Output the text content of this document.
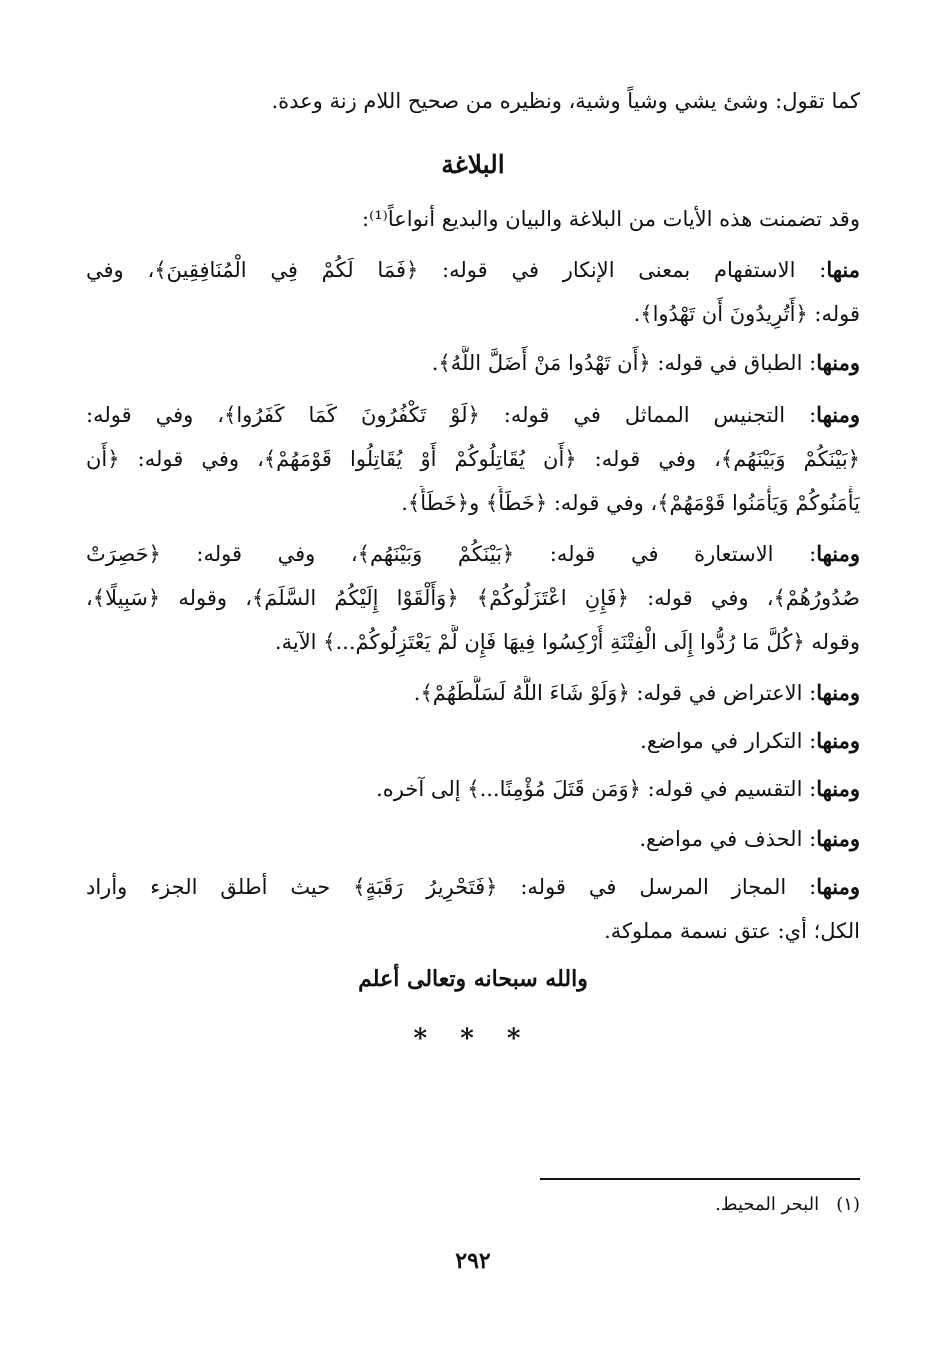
كما تقول: وشئ يشي وشياً وشية، ونظيره من صحيح اللام زنة وعدة.
البلاغة
وقد تضمنت هذه الأيات من البلاغة والبيان والبديع أنواعاً⁽¹⁾:
منها: الاستفهام بمعنى الإنكار في قوله: ﴿فَمَا لَكُمْ فِي الْمُنَافِقِينَ﴾، وفي
قوله: ﴿أَتُرِيدُونَ أَن تَهْدُوا﴾.
ومنها: الطباق في قوله: ﴿أَن تَهْدُوا مَنْ أَضَلَّ اللَّهُ﴾.
ومنها: التجنيس المماثل في قوله: ﴿لَوْ تَكْفُرُونَ كَمَا كَفَرُوا﴾، وفي قوله:
﴿بَيْنَكُمْ وَبَيْنَهُم﴾، وفي قوله: ﴿أَن يُقَاتِلُوكُمْ أَوْ يُقَاتِلُوا قَوْمَهُمْ﴾، وفي قوله: ﴿أَن
يَأْمَنُوكُمْ وَيَأْمَنُوا قَوْمَهُمْ﴾، وفي قوله: ﴿خَطَأً﴾ و﴿خَطَأً﴾.
ومنها: الاستعارة في قوله: ﴿بَيْنَكُمْ وَبَيْنَهُم﴾، وفي قوله: ﴿حَصِرَتْ
صُدُورُهُمْ﴾، وفي قوله: ﴿فَإِنِ اعْتَزَلُوكُمْ﴾ ﴿وَأَلْقَوْا إِلَيْكُمُ السَّلَمَ﴾، وقوله ﴿سَبِيلًا﴾،
وقوله ﴿كُلَّ مَا رُدُّوا إِلَى الْفِتْنَةِ أُرْكِسُوا فِيهَا فَإِن لَّمْ يَعْتَزِلُوكُمْ...﴾ الآية.
ومنها: الاعتراض في قوله: ﴿وَلَوْ شَاءَ اللَّهُ لَسَلَّطَهُمْ﴾.
ومنها: التكرار في مواضع.
ومنها: التقسيم في قوله: ﴿وَمَن قَتَلَ مُؤْمِنًا...﴾ إلى آخره.
ومنها: الحذف في مواضع.
ومنها: المجاز المرسل في قوله: ﴿فَتَحْرِيرُ رَقَبَةٍ﴾ حيث أطلق الجزء وأراد
الكل؛ أي: عتق نسمة مملوكة.
والله سبحانه وتعالى أعلم
* * *
(١)   البحر المحيط.
٢٩٢
